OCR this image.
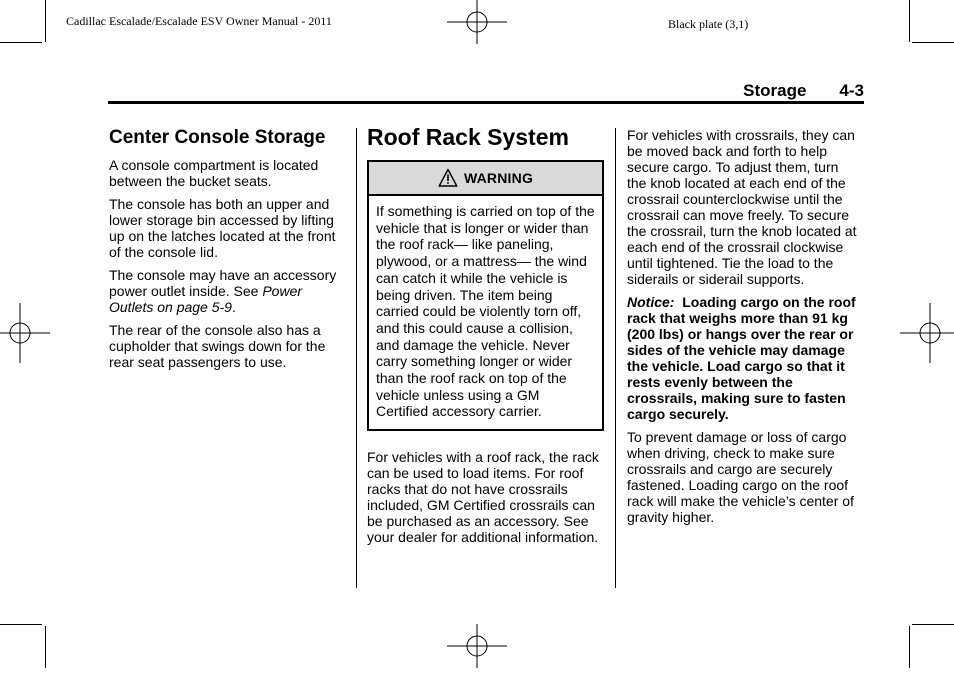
Cadillac Escalade/Escalade ESV Owner Manual - 2011	Black plate (3,1)
Storage 4-3
Center Console Storage

A console compartment is located between the bucket seats.

The console has both an upper and lower storage bin accessed by lifting up on the latches located at the front of the console lid.

The console may have an accessory power outlet inside. See Power Outlets on page 5‑9.

The rear of the console also has a cupholder that swings down for the rear seat passengers to use.

Roof Rack System
WARNING
If something is carried on top of the vehicle that is longer or wider than the roof rack— like paneling, plywood, or a mattress— the wind can catch it while the vehicle is being driven. The item being carried could be violently torn off, and this could cause a collision, and damage the vehicle. Never carry something longer or wider than the roof rack on top of the vehicle unless using a GM Certified accessory carrier.

For vehicles with a roof rack, the rack can be used to load items. For roof racks that do not have crossrails included, GM Certified crossrails can be purchased as an accessory. See your dealer for additional information.

For vehicles with crossrails, they can be moved back and forth to help secure cargo. To adjust them, turn the knob located at each end of the crossrail counterclockwise until the crossrail can move freely. To secure the crossrail, turn the knob located at each end of the crossrail clockwise until tightened. Tie the load to the siderails or siderail supports.

Notice: Loading cargo on the roof rack that weighs more than 91 kg (200 lbs) or hangs over the rear or sides of the vehicle may damage the vehicle. Load cargo so that it rests evenly between the crossrails, making sure to fasten cargo securely.

To prevent damage or loss of cargo when driving, check to make sure crossrails and cargo are securely fastened. Loading cargo on the roof rack will make the vehicle’s center of gravity higher.
